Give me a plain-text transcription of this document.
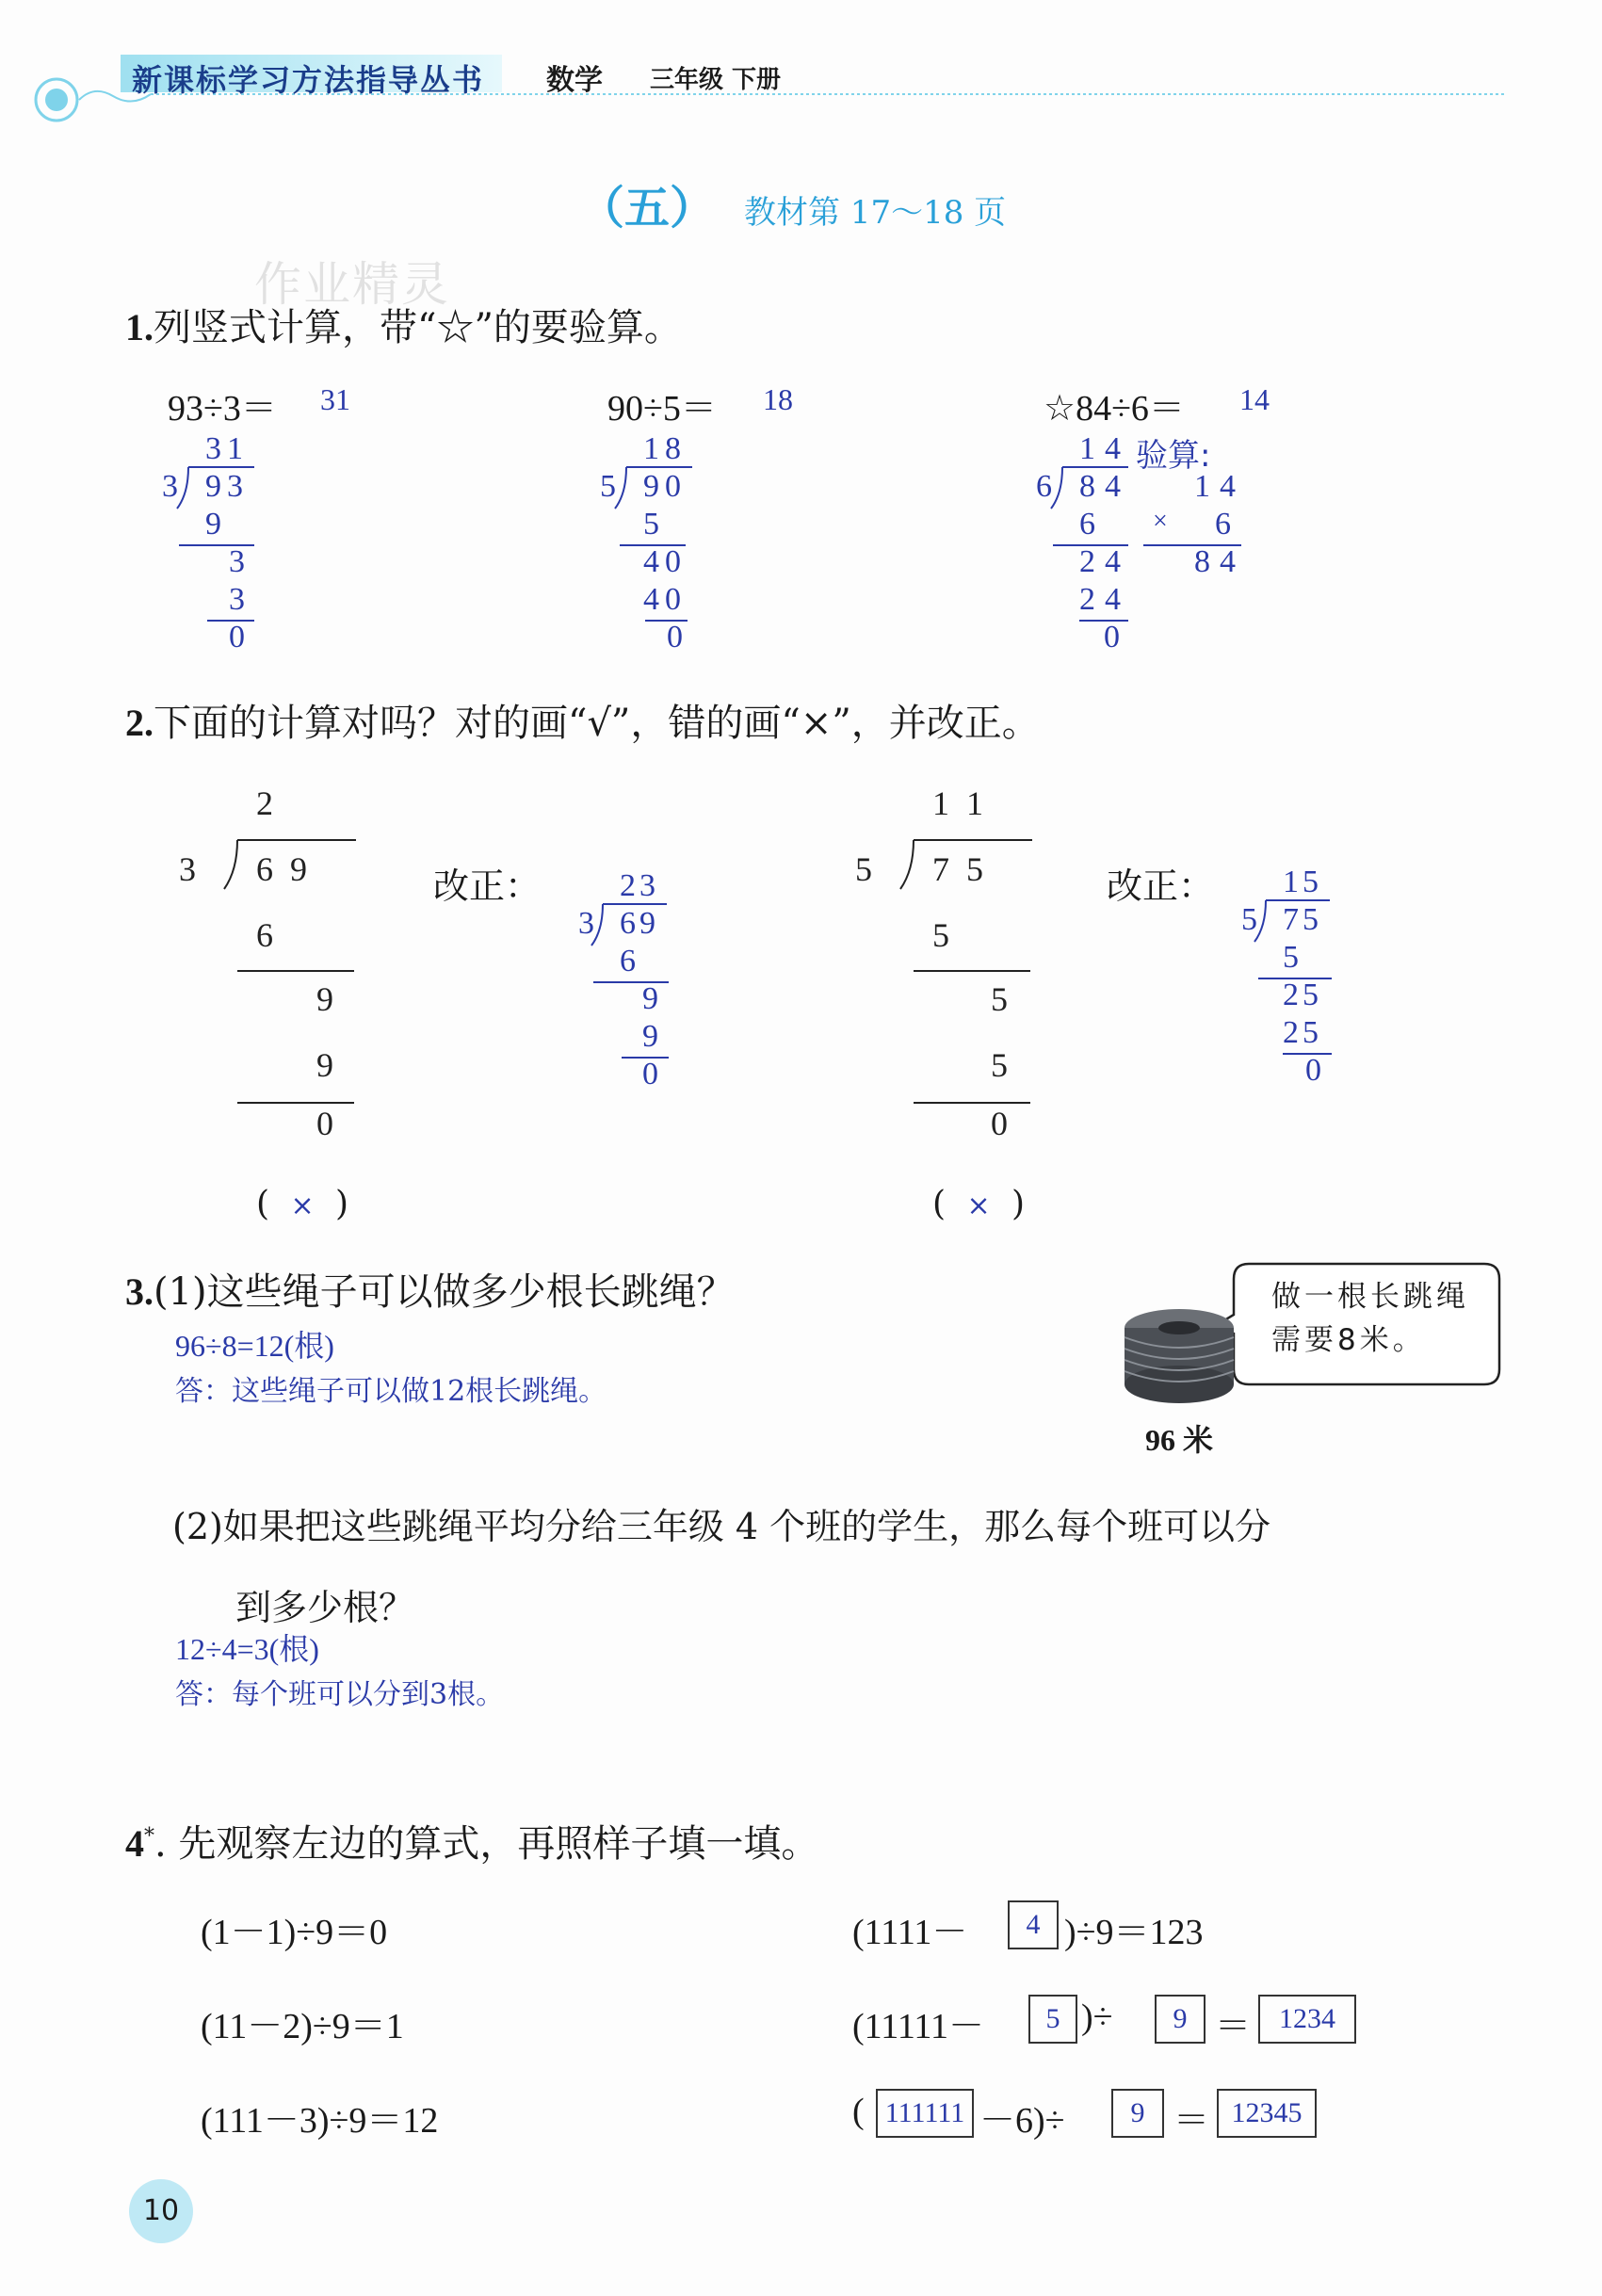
新课标学习方法指导丛书 数学 三年级 下册
（五） 教材第 17～18 页
作业精灵
1.列竖式计算，带“☆”的要验算。
93÷3＝ 31
31
3 93
9
3
3
0
90÷5＝ 18
18
5 90
5
40
40
0
☆84÷6＝ 14
14
6 84
6
24
24
0
验算:
14
× 6
84
2.下面的计算对吗？对的画“√”，错的画“×”，并改正。
2
3 6  9
6
9
9
0
改正： 23
3 69
6
9
9
0
( × )
1  1
5 7  5
5
5
5
0
改正： 15
5 75
5
25
25
0
( × )
3.(1)这些绳子可以做多少根长跳绳？
96÷8=12(根)
答：这些绳子可以做12根长跳绳。
做一根长跳绳需要8米。
96 米
(2)如果把这些跳绳平均分给三年级 4 个班的学生，那么每个班可以分
到多少根？
12÷4=3(根)
答：每个班可以分到3根。
4*. 先观察左边的算式，再照样子填一填。
(1－1)÷9＝0
(11－2)÷9＝1
(111－3)÷9＝12
(1111－	4 )÷9＝123
(11111－	5 )÷	9 ＝ 1234
( 111111 －6)÷	9 ＝ 12345
10
